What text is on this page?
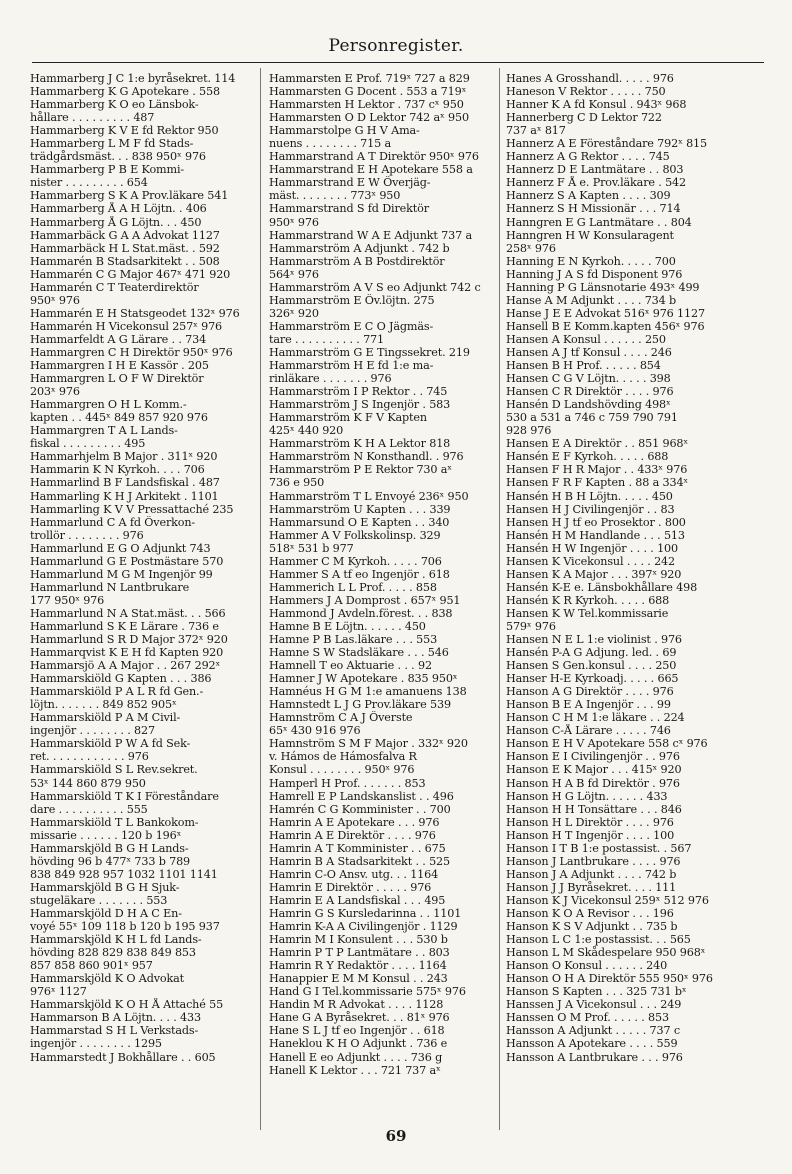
Personregister.
Hammarberg J C 1:e byråsekret. 114
Hammarberg K G Apotekare . 558
Hammarberg K O eo Länsbok-
hållare . . . . . . . . . 487
Hammarberg K V E fd Rektor 950
Hammarberg L M F fd Stads-
trädgårdsmäst. . . 838 950ˣ 976
Hammarberg P B E Kommi-
nister . . . . . . . . . 654
Hammarberg S K A Prov.läkare 541
Hammarberg Å A H Löjtn. . 406
Hammarberg Å G Löjtn. . . 450
Hammarbäck G A A Advokat 1127
Hammarbäck H L Stat.mäst. . 592
Hammarén B Stadsarkitekt . . 508
Hammarén C G Major 467ˣ 471 920
Hammarén C T Teaterdirektör
950ˣ 976
Hammarén E H Statsgeodet 132ˣ 976
Hammarén H Vicekonsul 257ˣ 976
Hammarfeldt A G Lärare . . 734
Hammargren C H Direktör 950ˣ 976
Hammargren I H E Kassör . 205
Hammargren L O F W Direktör
203ˣ 976
Hammargren O H L Komm.-
kapten . . 445ˣ 849 857 920 976
Hammargren T A L Lands-
fiskal . . . . . . . . . 495
Hammarhjelm B Major . 311ˣ 920
Hammarin K N Kyrkoh. . . . 706
Hammarlind B F Landsfiskal . 487
Hammarling K H J Arkitekt . 1101
Hammarling K V V Pressattaché 235
Hammarlund C A fd Överkon-
trollör . . . . . . . . 976
Hammarlund E G O Adjunkt 743
Hammarlund G E Postmästare 570
Hammarlund M G M Ingenjör 99
Hammarlund N Lantbrukare
177 950ˣ 976
Hammarlund N A Stat.mäst. . . 566
Hammarlund S K E Lärare . 736 e
Hammarlund S R D Major 372ˣ 920
Hammarqvist K E H fd Kapten 920
Hammarsjö A A Major . . 267 292ˣ
Hammarskiöld G Kapten . . . 386
Hammarskiöld P A L R fd Gen.-
löjtn. . . . . . . 849 852 905ˣ
Hammarskiöld P A M Civil-
ingenjör . . . . . . . . 827
Hammarskiöld P W A fd Sek-
ret. . . . . . . . . . . . 976
Hammarskiöld S L Rev.sekret.
53ˣ 144 860 879 950
Hammarskiöld T K I Föreståndare
dare . . . . . . . . . . 555
Hammarskiöld T L Bankokom-
missarie . . . . . . 120 b 196ˣ
Hammarskjöld B G H Lands-
hövding 96 b 477ˣ 733 b 789
838 849 928 957 1032 1101 1141
Hammarskjöld B G H Sjuk-
stugeläkare . . . . . . . 553
Hammarskjöld D H A C En-
voyé 55ˣ 109 118 b 120 b 195 937
Hammarskjöld K H L fd Lands-
hövding 828 829 838 849 853
857 858 860 901ˣ 957
Hammarskjöld K O Advokat
976ˣ 1127
Hammarskjöld K O H Å Attaché 55
Hammarson B A Löjtn. . . . 433
Hammarstad S H L Verkstads-
ingenjör . . . . . . . . 1295
Hammarstedt J Bokhållare . . 605
Hammarsten E Prof. 719ˣ 727 a 829
Hammarsten G Docent . 553 a 719ˣ
Hammarsten H Lektor . 737 cˣ 950
Hammarsten O D Lektor 742 aˣ 950
Hammarstolpe G H V Ama-
nuens . . . . . . . . 715 a
Hammarstrand A T Direktör 950ˣ 976
Hammarstrand E H Apotekare 558 a
Hammarstrand E W Överjäg-
mäst. . . . . . . . 773ˣ 950
Hammarstrand S fd Direktör
950ˣ 976
Hammarstrand W A E Adjunkt 737 a
Hammarström A Adjunkt . 742 b
Hammarström A B Postdirektör
564ˣ 976
Hammarström A V S eo Adjunkt 742 c
Hammarström E Öv.löjtn. 275
326ˣ 920
Hammarström E C O Jägmäs-
tare . . . . . . . . . . 771
Hammarström G E Tingssekret. 219
Hammarström H E fd 1:e ma-
rinläkare . . . . . . . 976
Hammarström I P Rektor . . 745
Hammarström J S Ingenjör . 583
Hammarström K F V Kapten
425ˣ 440 920
Hammarström K H A Lektor 818
Hammarström N Konsthandl. . 976
Hammarström P E Rektor 730 aˣ
736 e 950
Hammarström T L Envoyé 236ˣ 950
Hammarström U Kapten . . . 339
Hammarsund O E Kapten . . 340
Hammer A V Folkskolinsp. 329
518ˣ 531 b 977
Hammer C M Kyrkoh. . . . . 706
Hammer S A tf eo Ingenjör . 618
Hammerich L L Prof. . . . . 858
Hammers J A Domprost . 657ˣ 951
Hammond J Avdeln.förest. . . 838
Hamne B E Löjtn. . . . . . 450
Hamne P B Las.läkare . . . 553
Hamne S W Stadsläkare . . . 546
Hamnell T eo Aktuarie . . . 92
Hamner J W Apotekare . 835 950ˣ
Hamnéus H G M 1:e amanuens 138
Hamnstedt L J G Prov.läkare 539
Hamnström C A J Överste
65ˣ 430 916 976
Hamnström S M F Major . 332ˣ 920
v. Hámos de Hámosfalva R
Konsul . . . . . . . . 950ˣ 976
Hamperl H Prof. . . . . . . 853
Hamrell E P Landskanslist . . 496
Hamrén C G Komminister . . 700
Hamrin A E Apotekare . . . 976
Hamrin A E Direktör . . . . 976
Hamrin A T Komminister . . 675
Hamrin B A Stadsarkitekt . . 525
Hamrin C-O Ansv. utg. . . 1164
Hamrin E Direktör . . . . . 976
Hamrin E A Landsfiskal . . . 495
Hamrin G S Kursledarinna . . 1101
Hamrin K-A A Civilingenjör . 1129
Hamrin M I Konsulent . . . 530 b
Hamrin P T P Lantmätare . . 803
Hamrin R Y Redaktör . . . . 1164
Hanappier E M M Konsul . . 243
Hand G I Tel.kommissarie 575ˣ 976
Handin M R Advokat . . . . 1128
Hane G A Byråsekret. . . 81ˣ 976
Hane S L J tf eo Ingenjör . . 618
Haneklou K H O Adjunkt . 736 e
Hanell E eo Adjunkt . . . . 736 g
Hanell K Lektor . . . 721 737 aˣ
Hanes A Grosshandl. . . . . 976
Haneson V Rektor . . . . . 750
Hanner K A fd Konsul . 943ˣ 968
Hannerberg C D Lektor 722
737 aˣ 817
Hannerz A E Föreståndare 792ˣ 815
Hannerz A G Rektor . . . . 745
Hannerz D E Lantmätare . . 803
Hannerz F Å e. Prov.läkare . 542
Hannerz S A Kapten . . . . 309
Hannerz S H Missionär . . . 714
Hanngren E G Lantmätare . . 804
Hanngren H W Konsularagent
258ˣ 976
Hanning E N Kyrkoh. . . . . 700
Hanning J A S fd Disponent 976
Hanning P G Länsnotarie 493ˣ 499
Hanse A M Adjunkt . . . . 734 b
Hanse J E E Advokat 516ˣ 976 1127
Hansell B E Komm.kapten 456ˣ 976
Hansen A Konsul . . . . . . 250
Hansen A J tf Konsul . . . . 246
Hansen B H Prof. . . . . . 854
Hansen C G V Löjtn. . . . . 398
Hansen C R Direktör . . . . 976
Hansén D Landshövding 498ˣ
530 a 531 a 746 c 759 790 791
928 976
Hansen E A Direktör . . 851 968ˣ
Hansén E F Kyrkoh. . . . . 688
Hansen F H R Major . . 433ˣ 976
Hansen F R F Kapten . 88 a 334ˣ
Hansén H B H Löjtn. . . . . 450
Hansen H J Civilingenjör . . 83
Hansen H J tf eo Prosektor . 800
Hansén H M Handlande . . . 513
Hansén H W Ingenjör . . . . 100
Hansen K Vicekonsul . . . . 242
Hansen K A Major . . . 397ˣ 920
Hansén K-E e. Länsbokhållare 498
Hansén K R Kyrkoh. . . . . 688
Hansen K W Tel.kommissarie
579ˣ 976
Hansen N E L 1:e violinist . 976
Hansén P-A G Adjung. led. . 69
Hansen S Gen.konsul . . . . 250
Hanser H-E Kyrkoadj. . . . . 665
Hanson A G Direktör . . . . 976
Hanson B E A Ingenjör . . . 99
Hanson C H M 1:e läkare . . 224
Hanson C-Å Lärare . . . . . 746
Hanson E H V Apotekare 558 cˣ 976
Hanson E I Civilingenjör . . 976
Hanson E K Major . . . 415ˣ 920
Hanson H A B fd Direktör . 976
Hanson H G Löjtn. . . . . . 433
Hanson H H Tonsättare . . . 846
Hanson H L Direktör . . . . 976
Hanson H T Ingenjör . . . . 100
Hanson I T B 1:e postassist. . 567
Hanson J Lantbrukare . . . . 976
Hanson J A Adjunkt . . . . 742 b
Hanson J J Byråsekret. . . . 111
Hanson K J Vicekonsul 259ˣ 512 976
Hanson K O A Revisor . . . 196
Hanson K S V Adjunkt . . 735 b
Hanson L C 1:e postassist. . . 565
Hanson L M Skådespelare 950 968ˣ
Hanson O Konsul . . . . . . 240
Hanson O H A Direktör 555 950ˣ 976
Hanson S Kapten . . . 325 731 bˣ
Hanssen J A Vicekonsul . . . 249
Hanssen O M Prof. . . . . . 853
Hansson A Adjunkt . . . . . 737 c
Hansson A Apotekare . . . . 559
Hansson A Lantbrukare . . . 976
69
